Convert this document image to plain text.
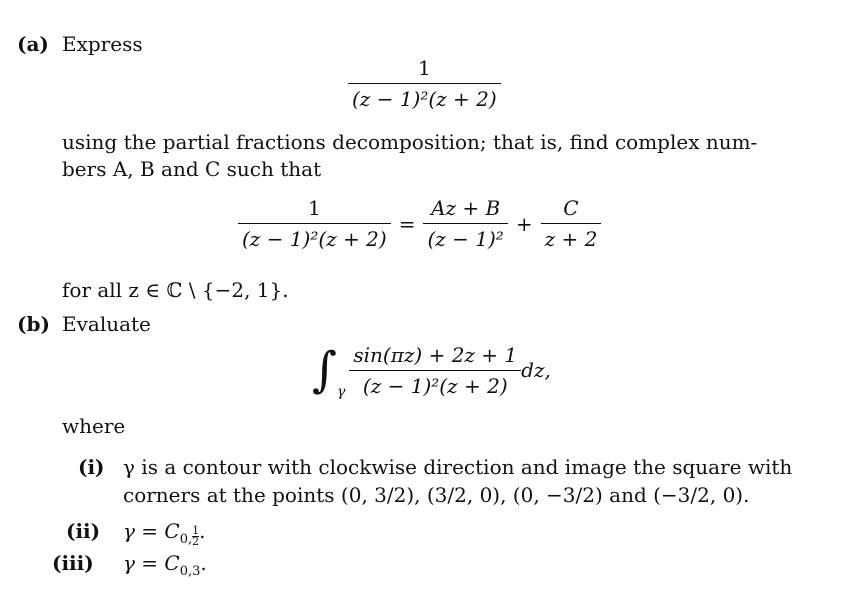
(a) Express
$\frac{1}{\text{(z − 1)²(z + 2)}}$
using the partial fractions decomposition; that is, find complex num-
bers A, B and C such that
$\frac{1}{\text{(z − 1)²(z + 2)}} = \frac{Az + B}{\text{(z − 1)²}} + \frac{C}{z + 2}$
for all z ∈ ℂ \ {−2, 1}.
(b) Evaluate
∫ γ $\frac{\sin(\pi z) + 2z + 1}{\text{(z − 1)²(z + 2)}}$ dz,
where
(i) γ is a contour with clockwise direction and image the square with
corners at the points (0, 3/2), (3/2, 0), (0, −3/2) and (−3/2, 0).
(ii) $\gamma = C_{0,} \frac{1}{2}$ .
(iii) $\gamma = C_{0,3}$.
